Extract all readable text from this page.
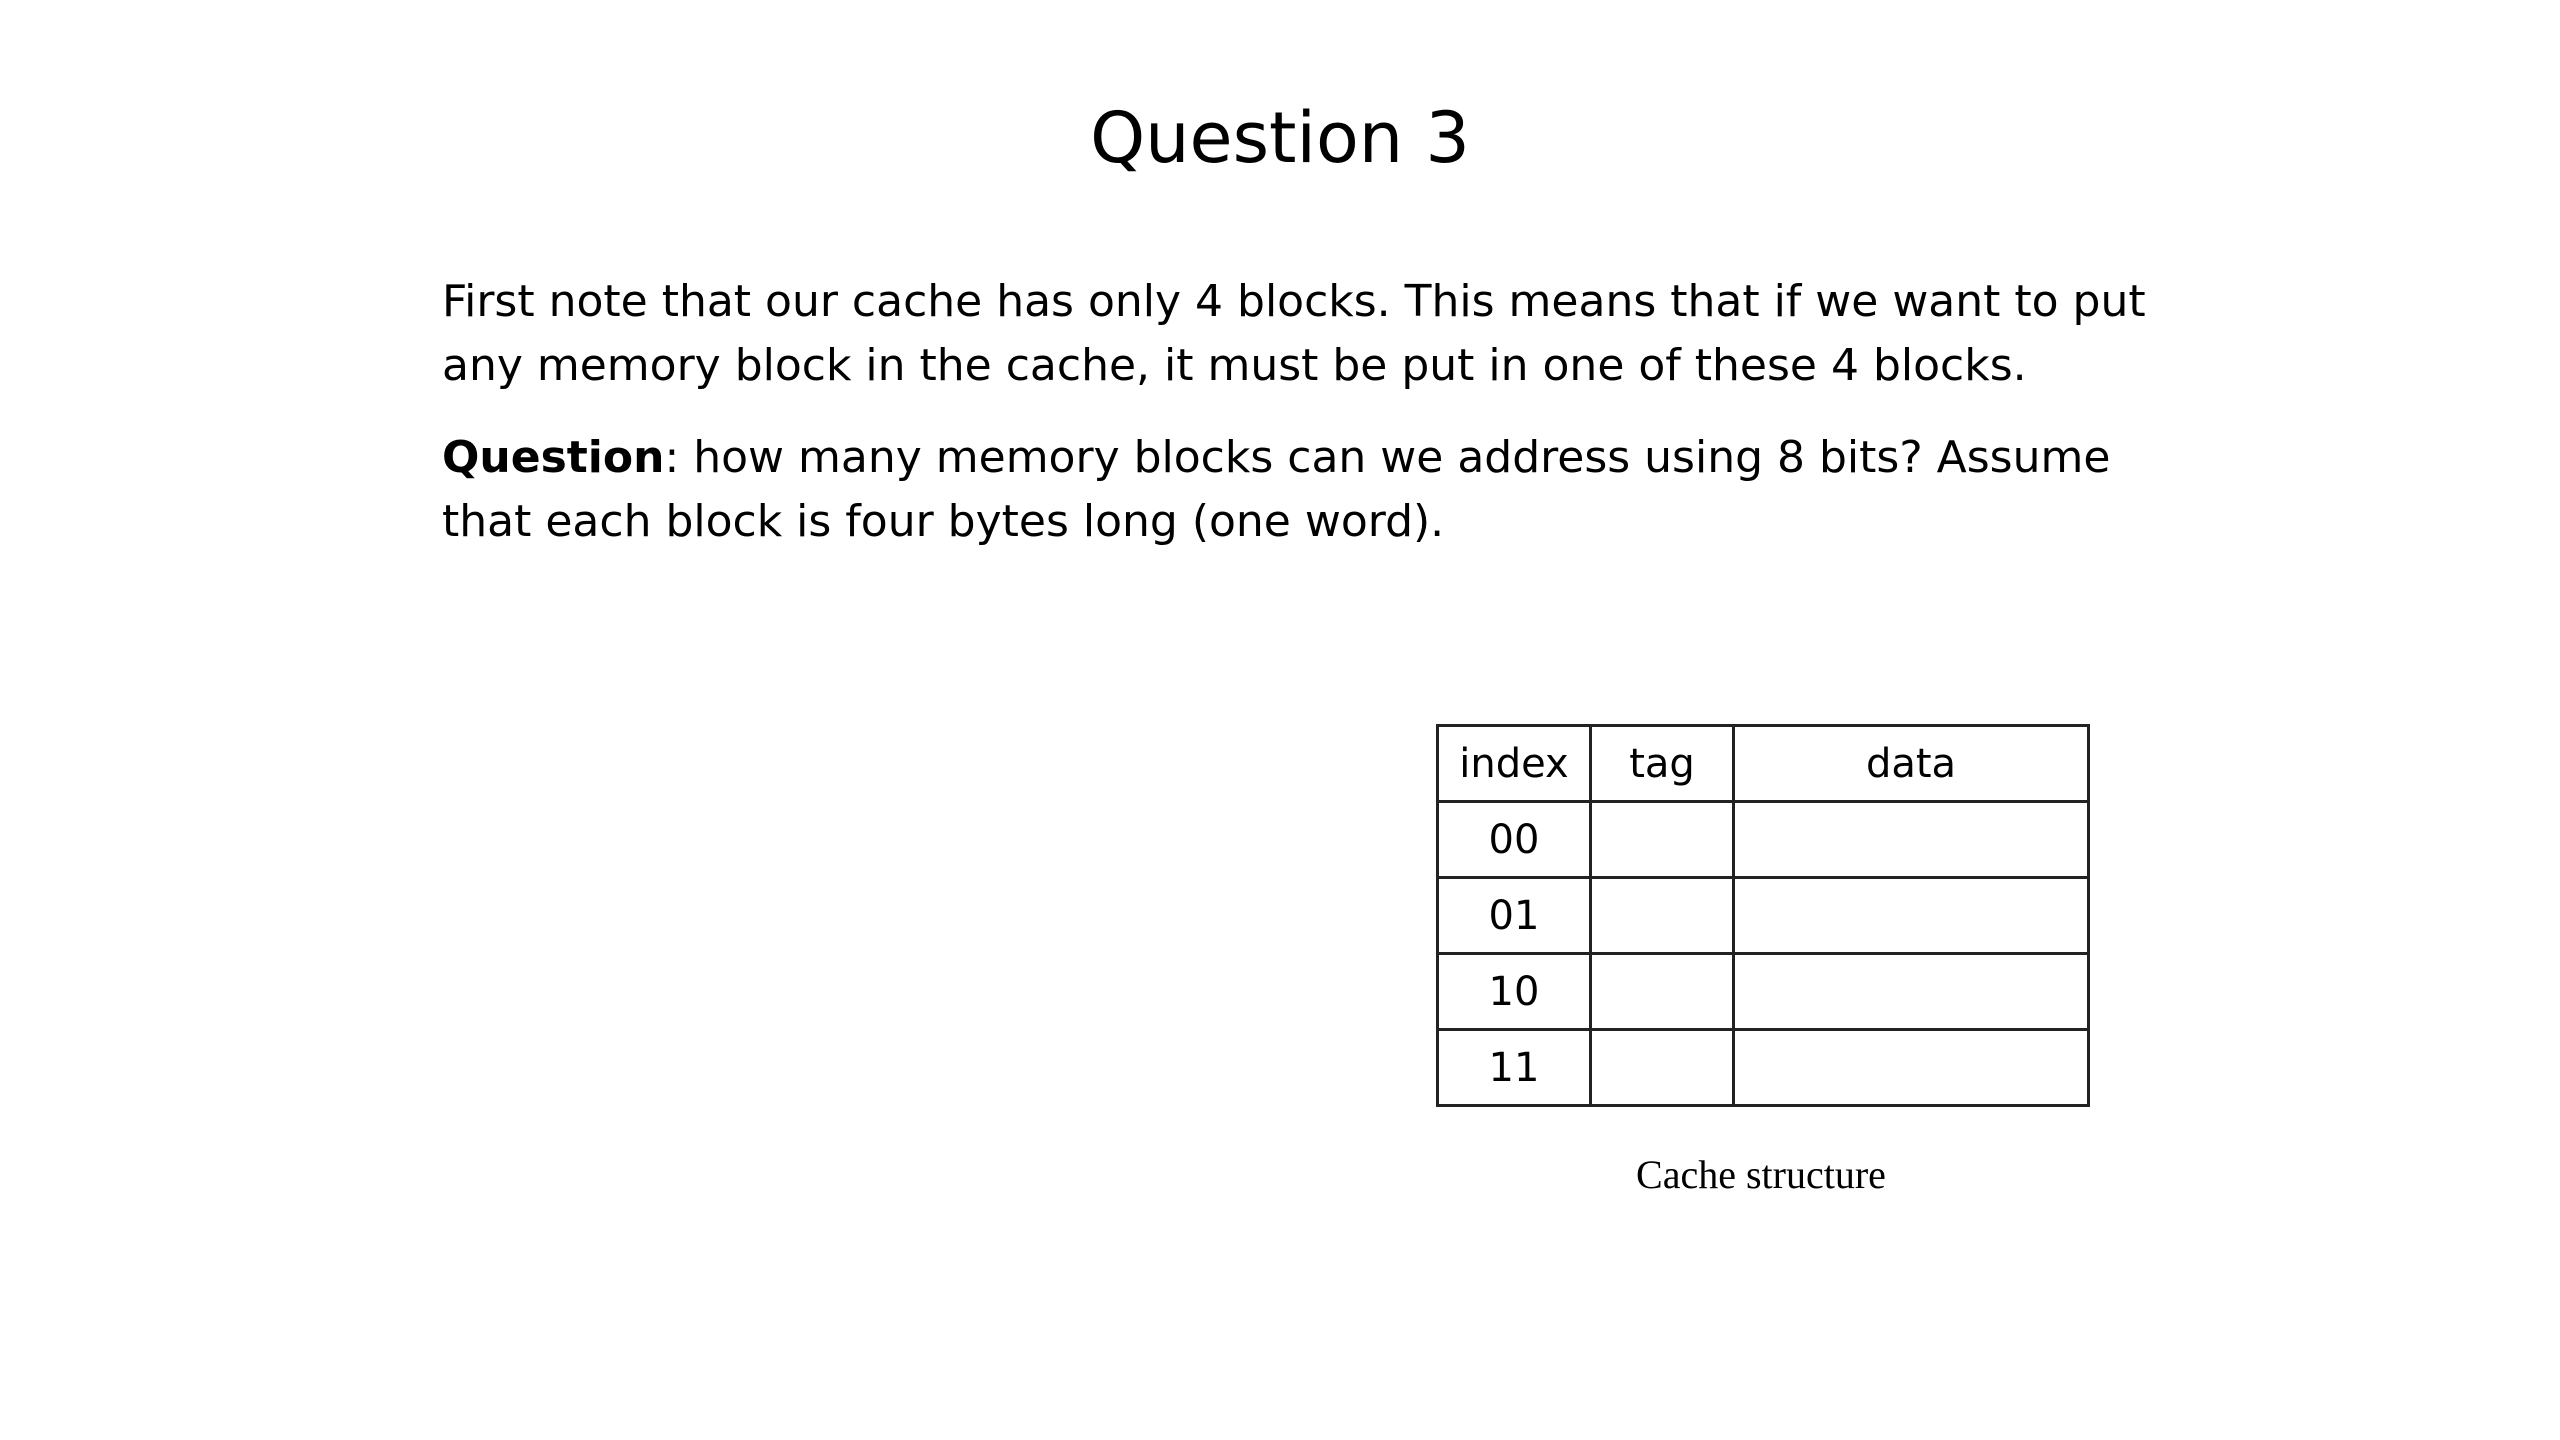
Question 3

First note that our cache has only 4 blocks. This means that if we want to put any memory block in the cache, it must be put in one of these 4 blocks.

Question: how many memory blocks can we address using 8 bits? Assume that each block is four bytes long (one word).

index	tag	data
00		
01		
10		
11		
Cache structure
